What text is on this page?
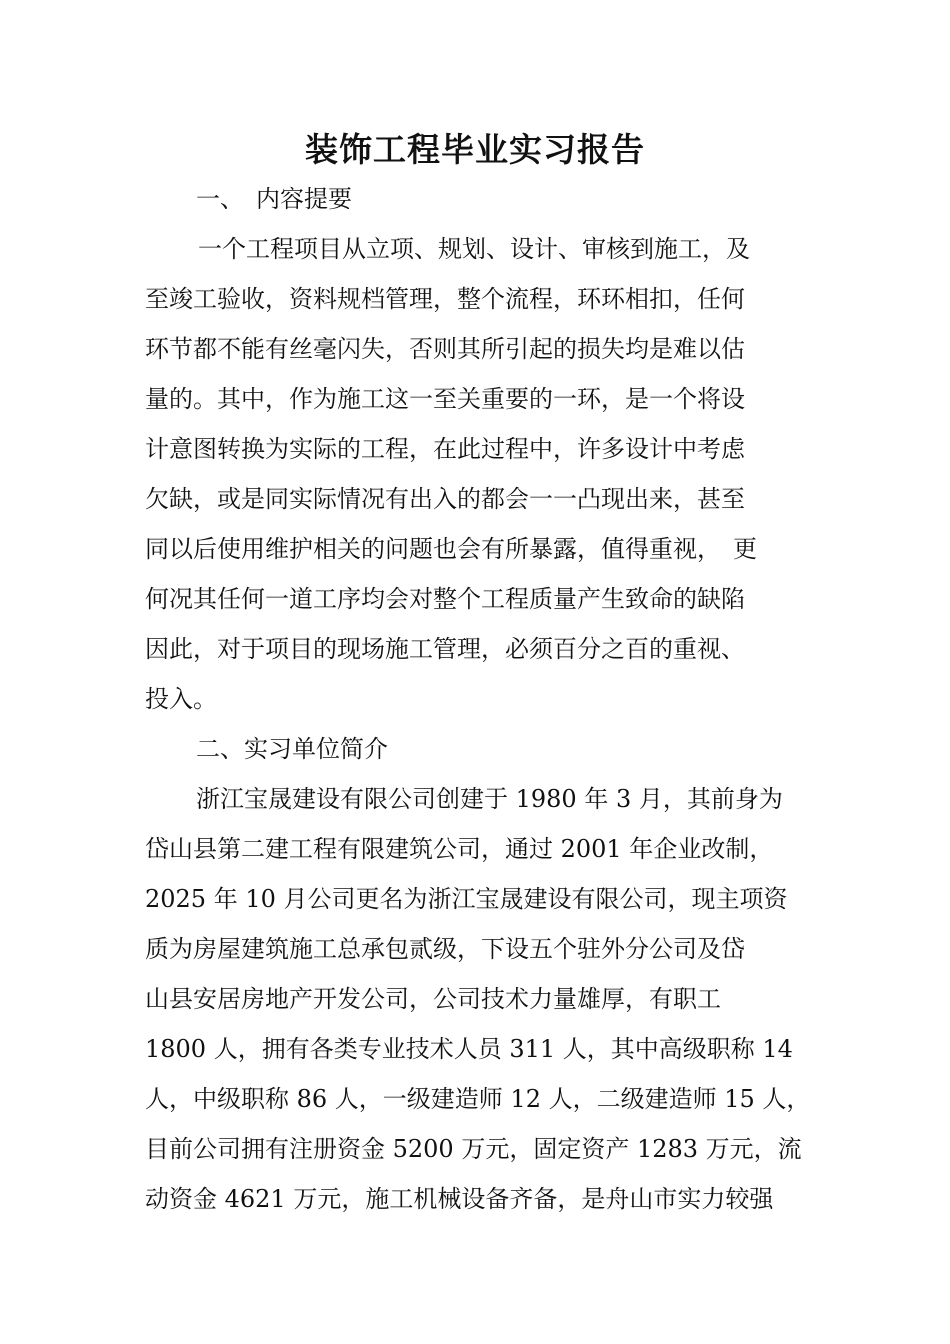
装饰工程毕业实习报告
一、　内容提要
一个工程项目从立项、规划、设计、审核到施工，及
至竣工验收，资料规档管理，整个流程，环环相扣，任何
环节都不能有丝毫闪失，否则其所引起的损失均是难以估
量的。其中，作为施工这一至关重要的一环，是一个将设
计意图转换为实际的工程，在此过程中，许多设计中考虑
欠缺，或是同实际情况有出入的都会一一凸现出来，甚至
同以后使用维护相关的问题也会有所暴露，值得重视，　更
何况其任何一道工序均会对整个工程质量产生致命的缺陷
因此，对于项目的现场施工管理，必须百分之百的重视、
投入。
二、实习单位简介
浙江宝晟建设有限公司创建于 1980 年 3 月，其前身为
岱山县第二建工程有限建筑公司，通过 2001 年企业改制，
2025 年 10 月公司更名为浙江宝晟建设有限公司，现主项资
质为房屋建筑施工总承包贰级，下设五个驻外分公司及岱
山县安居房地产开发公司，公司技术力量雄厚，有职工
1800 人，拥有各类专业技术人员 311 人，其中高级职称 14
人，中级职称 86 人，一级建造师 12 人，二级建造师 15 人，
目前公司拥有注册资金 5200 万元，固定资产 1283 万元，流
动资金 4621 万元，施工机械设备齐备，是舟山市实力较强
